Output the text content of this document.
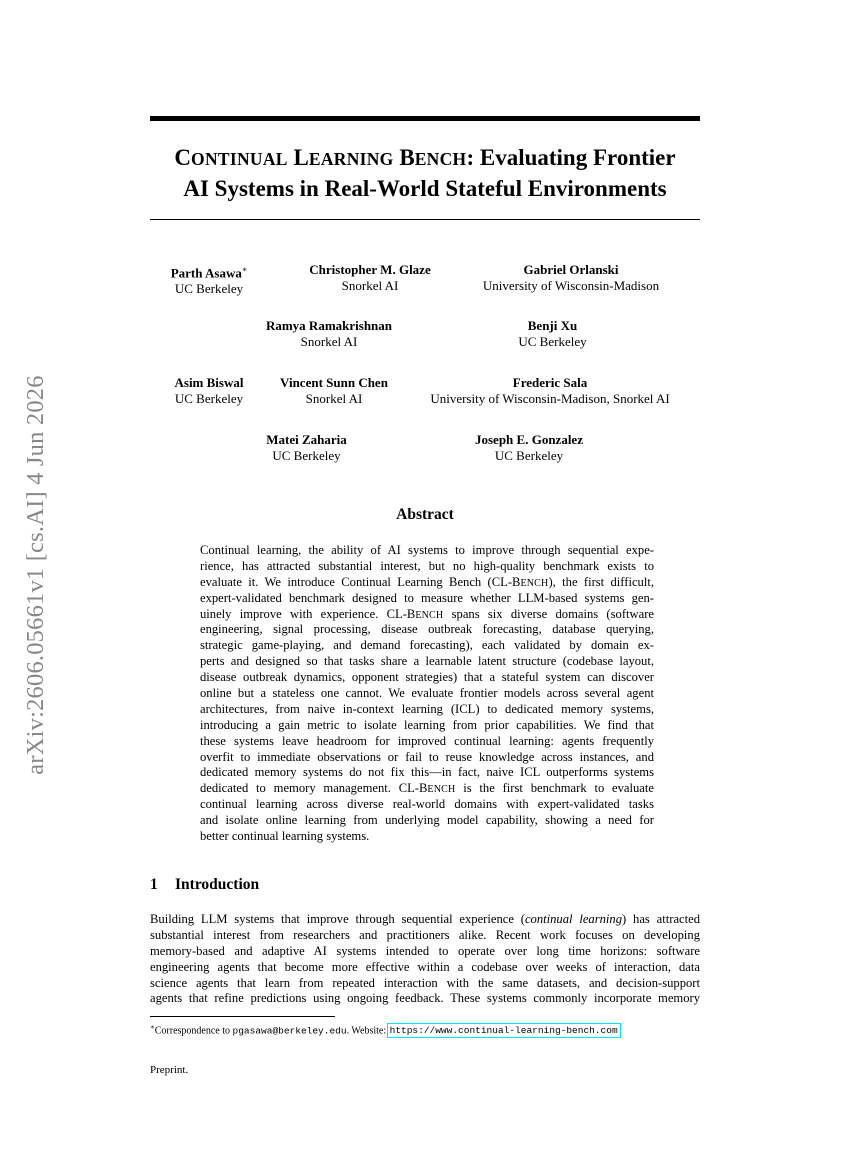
arXiv:2606.05661v1 [cs.AI] 4 Jun 2026
CONTINUAL LEARNING BENCH: Evaluating Frontier
AI Systems in Real-World Stateful Environments
Parth Asawa∗
UC Berkeley
Christopher M. Glaze
Snorkel AI
Gabriel Orlanski
University of Wisconsin-Madison
Ramya Ramakrishnan
Snorkel AI
Benji Xu
UC Berkeley
Asim Biswal
UC Berkeley
Vincent Sunn Chen
Snorkel AI
Frederic Sala
University of Wisconsin-Madison, Snorkel AI
Matei Zaharia
UC Berkeley
Joseph E. Gonzalez
UC Berkeley
Abstract
Continual learning, the ability of AI systems to improve through sequential expe-
rience, has attracted substantial interest, but no high-quality benchmark exists to
evaluate it. We introduce Continual Learning Bench (CL-BENCH), the first difficult,
expert-validated benchmark designed to measure whether LLM-based systems gen-
uinely improve with experience. CL-BENCH spans six diverse domains (software
engineering, signal processing, disease outbreak forecasting, database querying,
strategic game-playing, and demand forecasting), each validated by domain ex-
perts and designed so that tasks share a learnable latent structure (codebase layout,
disease outbreak dynamics, opponent strategies) that a stateful system can discover
online but a stateless one cannot. We evaluate frontier models across several agent
architectures, from naive in-context learning (ICL) to dedicated memory systems,
introducing a gain metric to isolate learning from prior capabilities. We find that
these systems leave headroom for improved continual learning: agents frequently
overfit to immediate observations or fail to reuse knowledge across instances, and
dedicated memory systems do not fix this—in fact, naive ICL outperforms systems
dedicated to memory management. CL-BENCH is the first benchmark to evaluate
continual learning across diverse real-world domains with expert-validated tasks
and isolate online learning from underlying model capability, showing a need for
better continual learning systems.
1 Introduction
Building LLM systems that improve through sequential experience (continual learning) has attracted
substantial interest from researchers and practitioners alike. Recent work focuses on developing
memory-based and adaptive AI systems intended to operate over long time horizons: software
engineering agents that become more effective within a codebase over weeks of interaction, data
science agents that learn from repeated interaction with the same datasets, and decision-support
agents that refine predictions using ongoing feedback. These systems commonly incorporate memory
∗Correspondence to pgasawa@berkeley.edu. Website: https://www.continual-learning-bench.com
Preprint.
